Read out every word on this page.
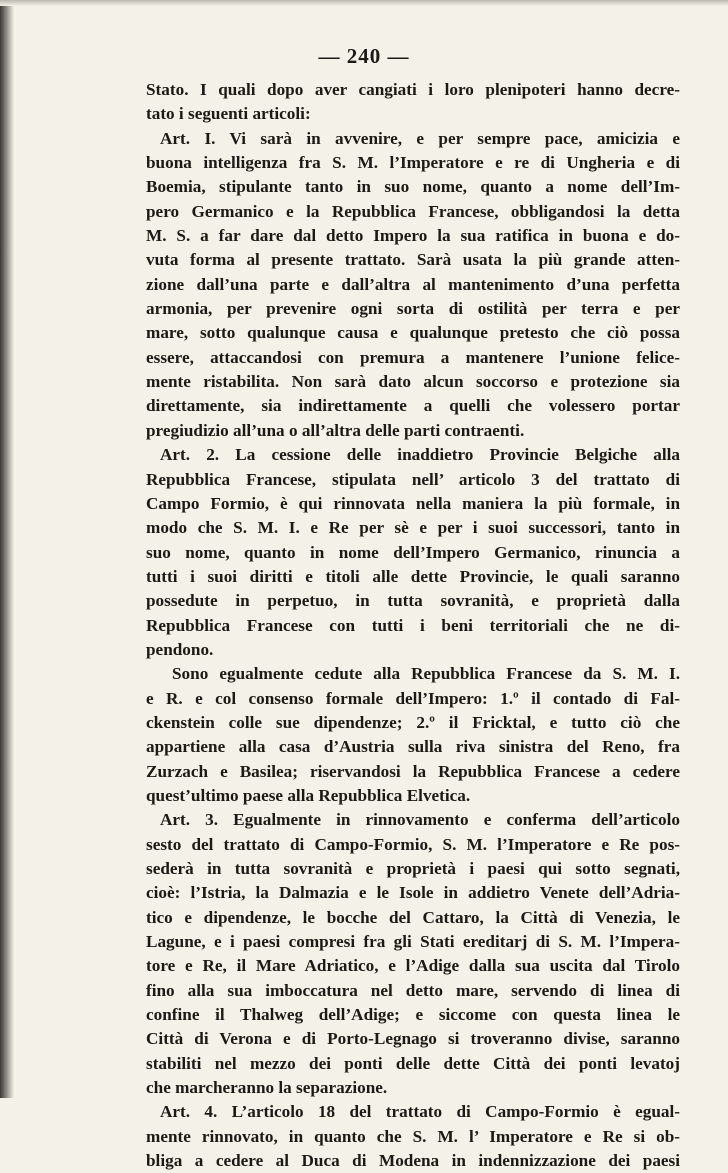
— 240 —
Stato. I quali dopo aver cangiati i loro plenipoteri hanno decre-
tato i seguenti articoli:
Art. I. Vi sarà in avvenire, e per sempre pace, amicizia e
buona intelligenza fra S. M. l’Imperatore e re di Ungheria e di
Boemia, stipulante tanto in suo nome, quanto a nome dell’Im-
pero Germanico e la Repubblica Francese, obbligandosi la detta
M. S. a far dare dal detto Impero la sua ratifica in buona e do-
vuta forma al presente trattato. Sarà usata la più grande atten-
zione dall’una parte e dall’altra al mantenimento d’una perfetta
armonia, per prevenire ogni sorta di ostilità per terra e per
mare, sotto qualunque causa e qualunque pretesto che ciò possa
essere, attaccandosi con premura a mantenere l’unione felice-
mente ristabilita. Non sarà dato alcun soccorso e protezione sia
direttamente, sia indirettamente a quelli che volessero portar
pregiudizio all’una o all’altra delle parti contraenti.
Art. 2. La cessione delle inaddietro Provincie Belgiche alla
Repubblica Francese, stipulata nell’ articolo 3 del trattato di
Campo Formio, è qui rinnovata nella maniera la più formale, in
modo che S. M. I. e Re per sè e per i suoi successori, tanto in
suo nome, quanto in nome dell’Impero Germanico, rinuncia a
tutti i suoi diritti e titoli alle dette Provincie, le quali saranno
possedute in perpetuo, in tutta sovranità, e proprietà dalla
Repubblica Francese con tutti i beni territoriali che ne di-
pendono.
Sono egualmente cedute alla Repubblica Francese da S. M. I.
e R. e col consenso formale dell’Impero: 1.º il contado di Fal-
ckenstein colle sue dipendenze; 2.º il Fricktal, e tutto ciò che
appartiene alla casa d’Austria sulla riva sinistra del Reno, fra
Zurzach e Basilea; riservandosi la Repubblica Francese a cedere
quest’ultimo paese alla Repubblica Elvetica.
Art. 3. Egualmente in rinnovamento e conferma dell’articolo
sesto del trattato di Campo-Formio, S. M. l’Imperatore e Re pos-
sederà in tutta sovranità e proprietà i paesi qui sotto segnati,
cioè: l’Istria, la Dalmazia e le Isole in addietro Venete dell’Adria-
tico e dipendenze, le bocche del Cattaro, la Città di Venezia, le
Lagune, e i paesi compresi fra gli Stati ereditarj di S. M. l’Impera-
tore e Re, il Mare Adriatico, e l’Adige dalla sua uscita dal Tirolo
fino alla sua imboccatura nel detto mare, servendo di linea di
confine il Thalweg dell’Adige; e siccome con questa linea le
Città di Verona e di Porto-Legnago si troveranno divise, saranno
stabiliti nel mezzo dei ponti delle dette Città dei ponti levatoj
che marcheranno la separazione.
Art. 4. L’articolo 18 del trattato di Campo-Formio è egual-
mente rinnovato, in quanto che S. M. l’ Imperatore e Re si ob-
bliga a cedere al Duca di Modena in indennizzazione dei paesi
